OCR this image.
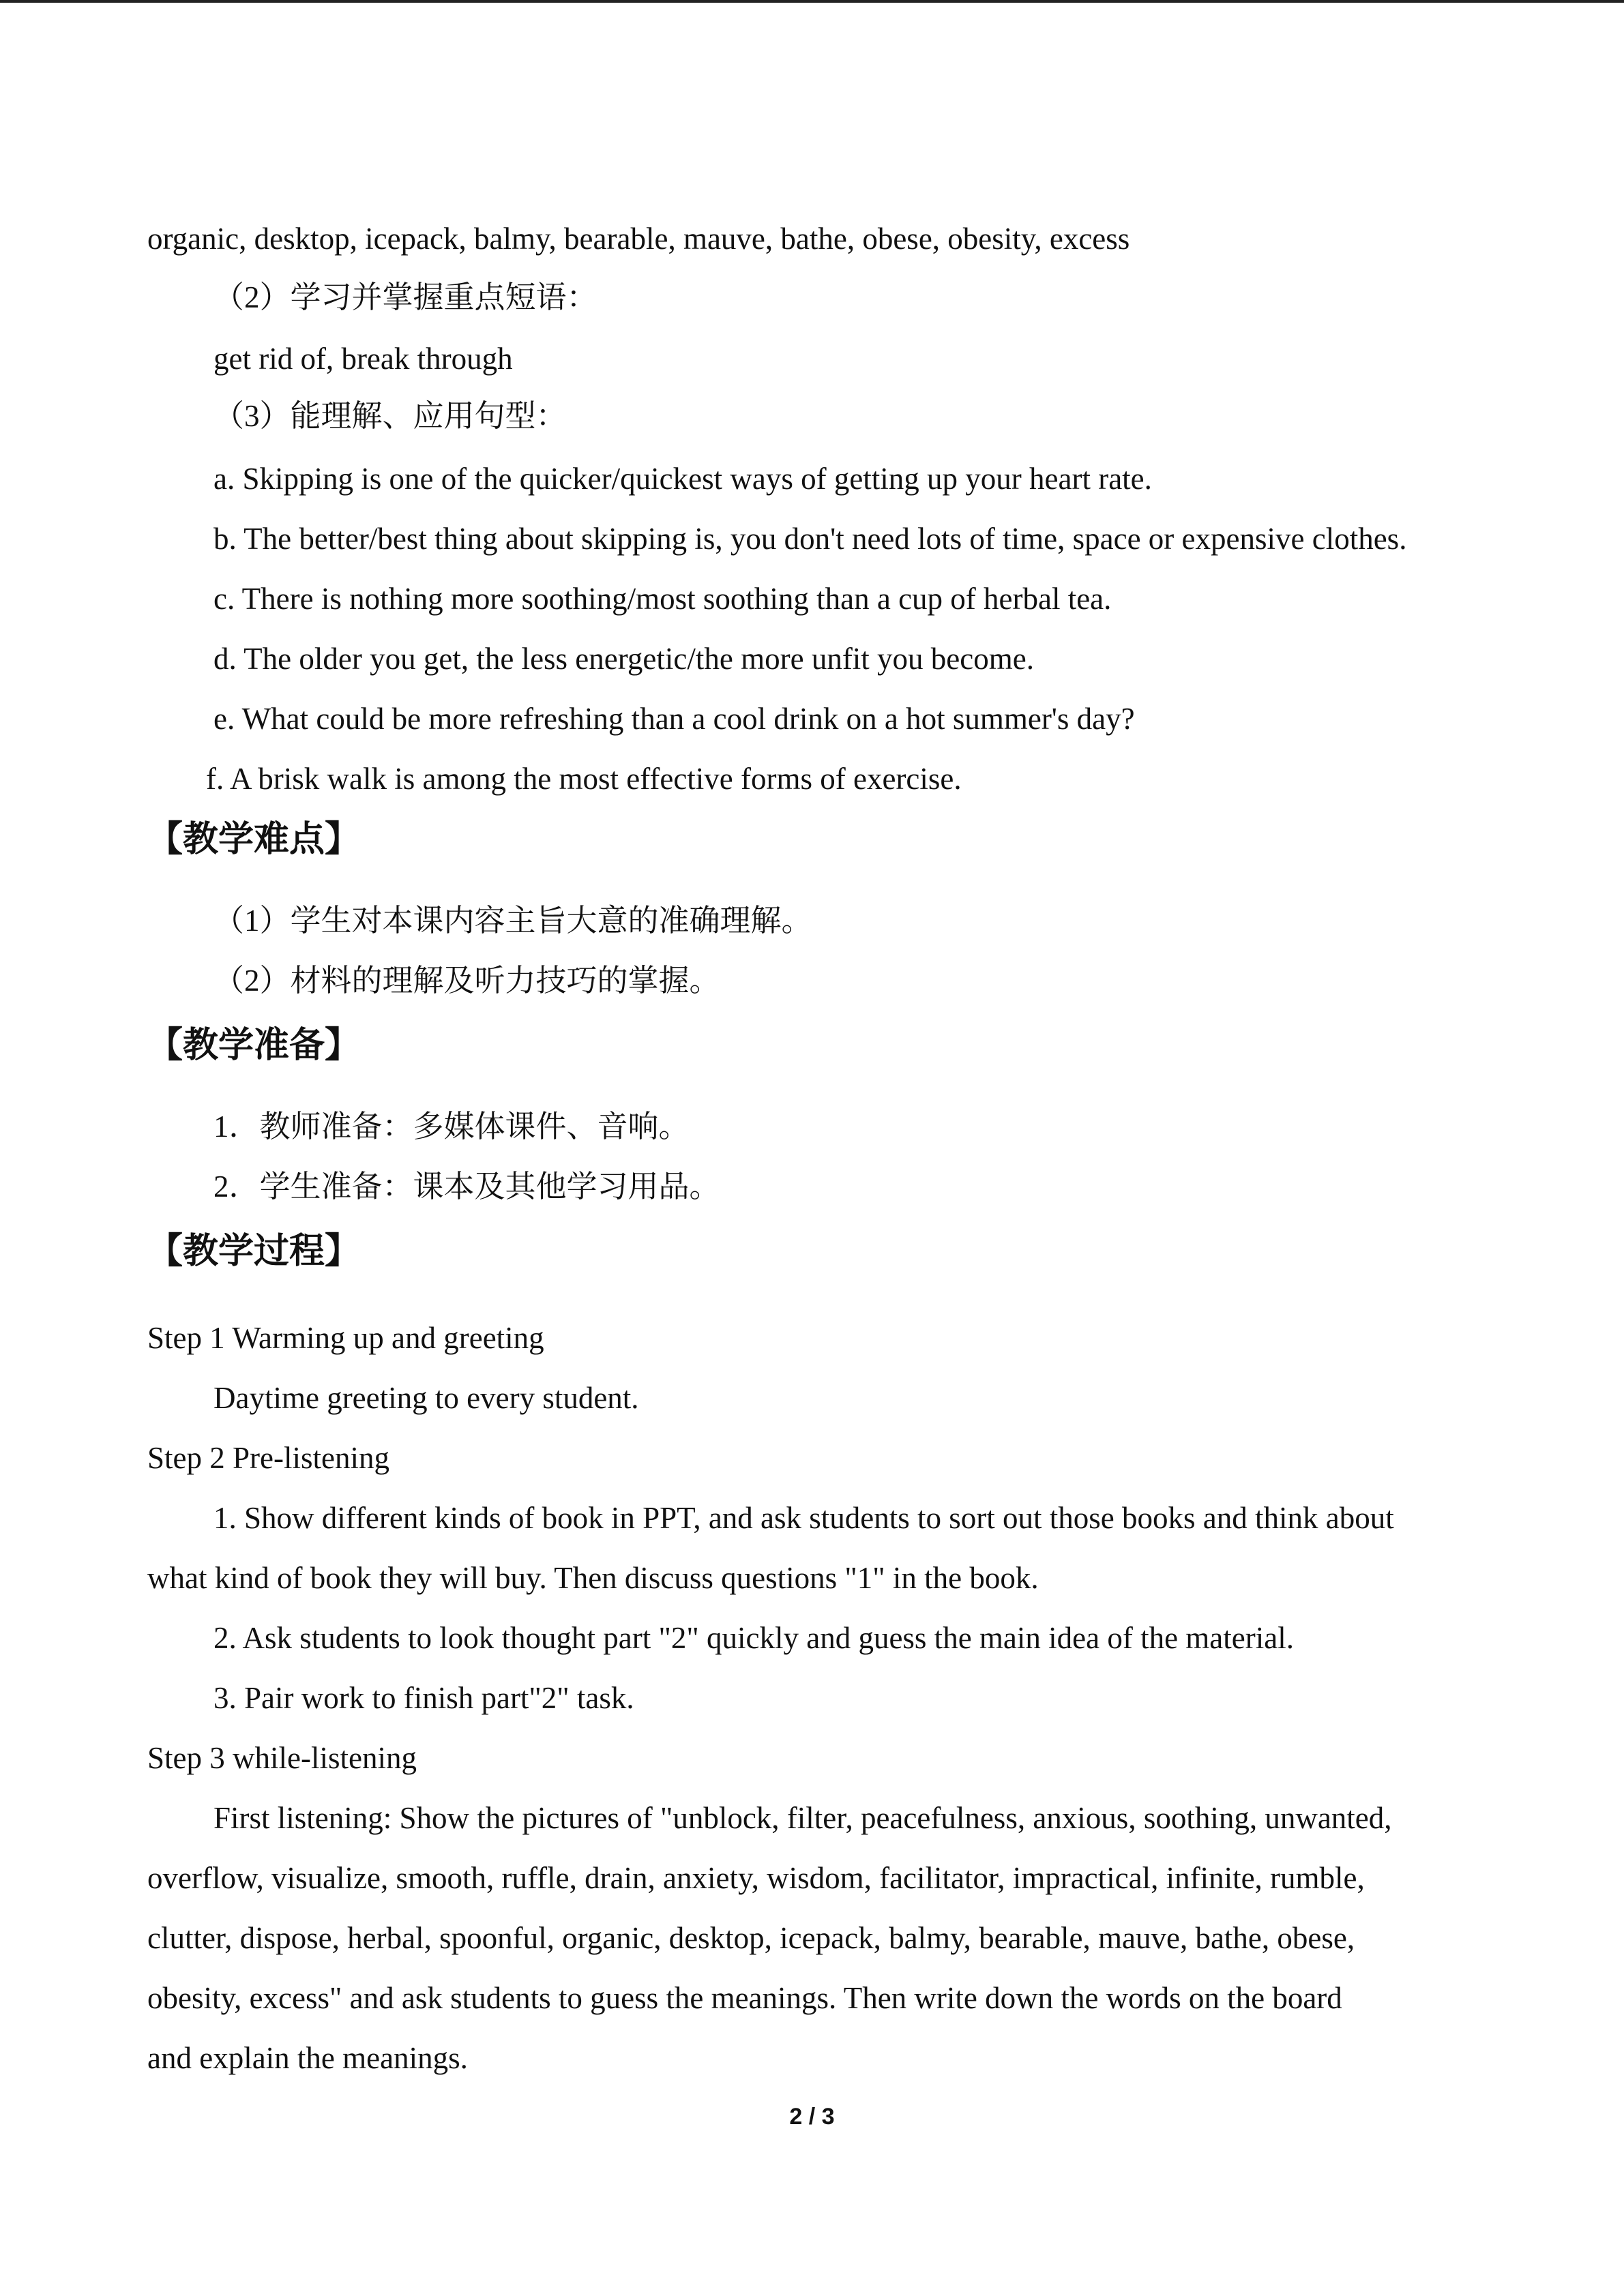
organic, desktop, icepack, balmy, bearable, mauve, bathe, obese, obesity, excess
（2）学习并掌握重点短语：
get rid of, break through
（3）能理解、应用句型：
a. Skipping is one of the quicker/quickest ways of getting up your heart rate.
b. The better/best thing about skipping is, you don't need lots of time, space or expensive clothes.
c. There is nothing more soothing/most soothing than a cup of herbal tea.
d. The older you get, the less energetic/the more unfit you become.
e. What could be more refreshing than a cool drink on a hot summer's day?
f. A brisk walk is among the most effective forms of exercise.
【教学难点】
（1）学生对本课内容主旨大意的准确理解。
（2）材料的理解及听力技巧的掌握。
【教学准备】
1．教师准备：多媒体课件、音响。
2．学生准备：课本及其他学习用品。
【教学过程】
Step 1 Warming up and greeting
Daytime greeting to every student.
Step 2 Pre-listening
1. Show different kinds of book in PPT, and ask students to sort out those books and think about
what kind of book they will buy. Then discuss questions "1" in the book.
2. Ask students to look thought part "2" quickly and guess the main idea of the material.
3. Pair work to finish part"2" task.
Step 3 while-listening
First listening: Show the pictures of "unblock, filter, peacefulness, anxious, soothing, unwanted,
overflow, visualize, smooth, ruffle, drain, anxiety, wisdom, facilitator, impractical, infinite, rumble,
clutter, dispose, herbal, spoonful, organic, desktop, icepack, balmy, bearable, mauve, bathe, obese,
obesity, excess" and ask students to guess the meanings. Then write down the words on the board
and explain the meanings.
2 / 3
